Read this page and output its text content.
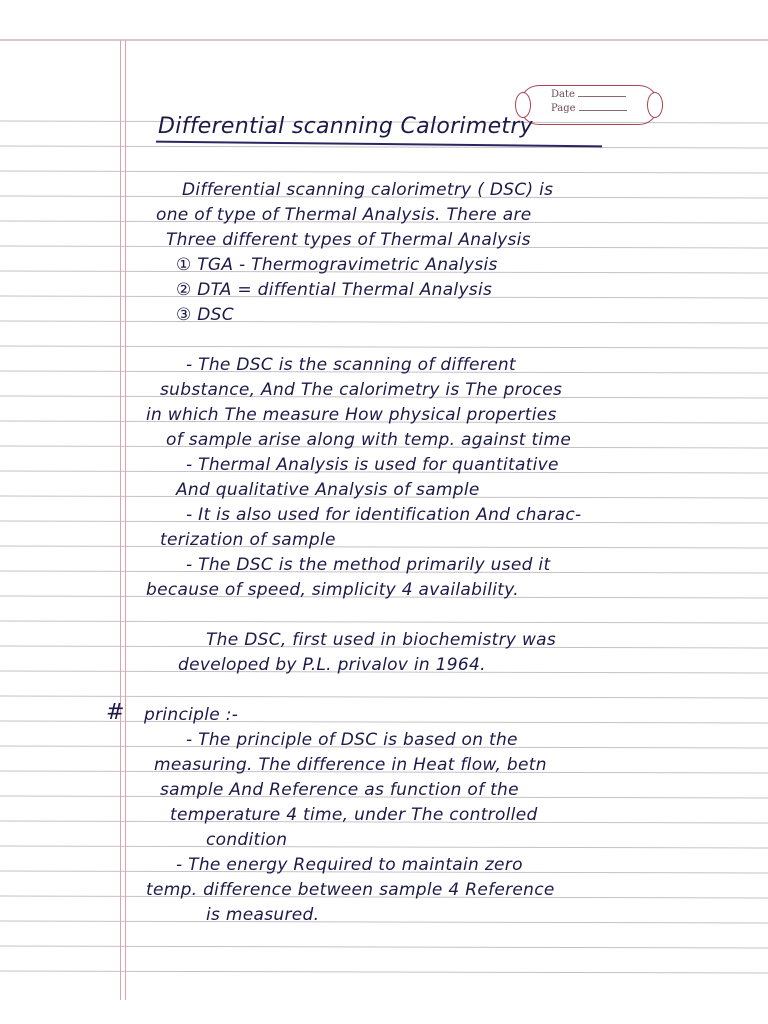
Date
Page
Differential scanning Calorimetry
Differential scanning calorimetry ( DSC) is
one of type of Thermal Analysis. There are
Three different types of Thermal Analysis
① TGA - Thermogravimetric Analysis
② DTA = diffential Thermal Analysis
③ DSC
- The DSC is the scanning of different
substance, And The calorimetry is The proces
in which The measure How physical properties
of sample arise along with temp. against time
- Thermal Analysis is used for quantitative
And qualitative Analysis of sample
- It is also used for identification And charac-
terization of sample
- The DSC is the method primarily used it
because of speed, simplicity 4 availability.
The DSC, first used in biochemistry was
developed by P.L. privalov in 1964.
# principle :-
- The principle of DSC is based on the
measuring. The difference in Heat flow, betn
sample And Reference as function of the
temperature 4 time, under The controlled
condition
- The energy Required to maintain zero
temp. difference between sample 4 Reference
is measured.
